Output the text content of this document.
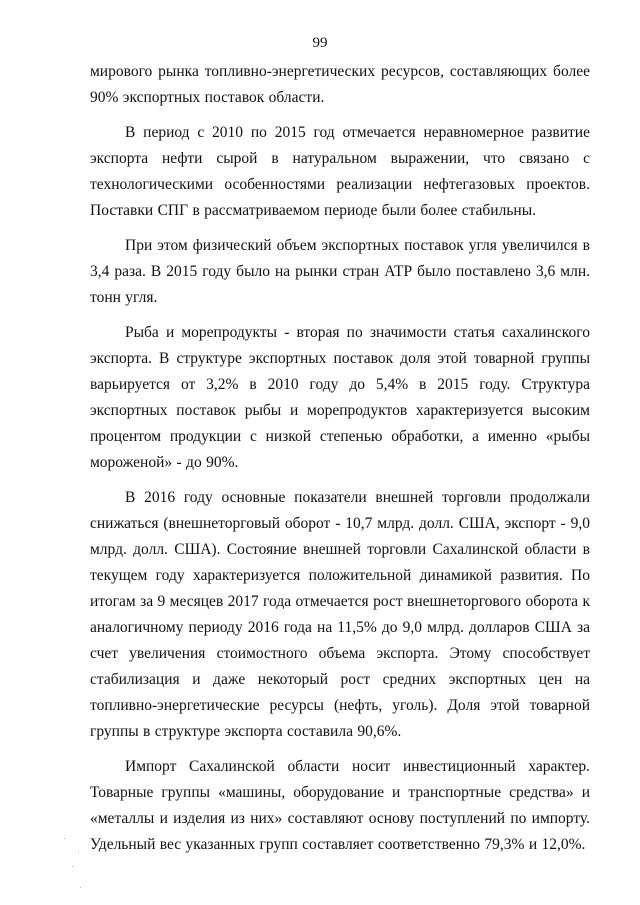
99

мирового рынка топливно-энергетических ресурсов, составляющих более 90% экспортных поставок области.

В период с 2010 по 2015 год отмечается неравномерное развитие экспорта нефти сырой в натуральном выражении, что связано с технологическими особенностями реализации нефтегазовых проектов. Поставки СПГ в рассматриваемом периоде были более стабильны.

При этом физический объем экспортных поставок угля увеличился в 3,4 раза. В 2015 году было на рынки стран АТР было поставлено 3,6 млн. тонн угля.

Рыба и морепродукты - вторая по значимости статья сахалинского экспорта. В структуре экспортных поставок доля этой товарной группы варьируется от 3,2% в 2010 году до 5,4% в 2015 году. Структура экспортных поставок рыбы и морепродуктов характеризуется высоким процентом продукции с низкой степенью обработки, а именно «рыбы мороженой» - до 90%.

В 2016 году основные показатели внешней торговли продолжали снижаться (внешнеторговый оборот - 10,7 млрд. долл. США, экспорт - 9,0 млрд. долл. США). Состояние внешней торговли Сахалинской области в текущем году характеризуется положительной динамикой развития. По итогам за 9 месяцев 2017 года отмечается рост внешнеторгового оборота к аналогичному периоду 2016 года на 11,5% до 9,0 млрд. долларов США за счет увеличения стоимостного объема экспорта. Этому способствует стабилизация и даже некоторый рост средних экспортных цен на топливно-энергетические ресурсы (нефть, уголь). Доля этой товарной группы в структуре экспорта составила 90,6%.

Импорт Сахалинской области носит инвестиционный характер. Товарные группы «машины, оборудование и транспортные средства» и «металлы и изделия из них» составляют основу поступлений по импорту. Удельный вес указанных групп составляет соответственно 79,3% и 12,0%.
